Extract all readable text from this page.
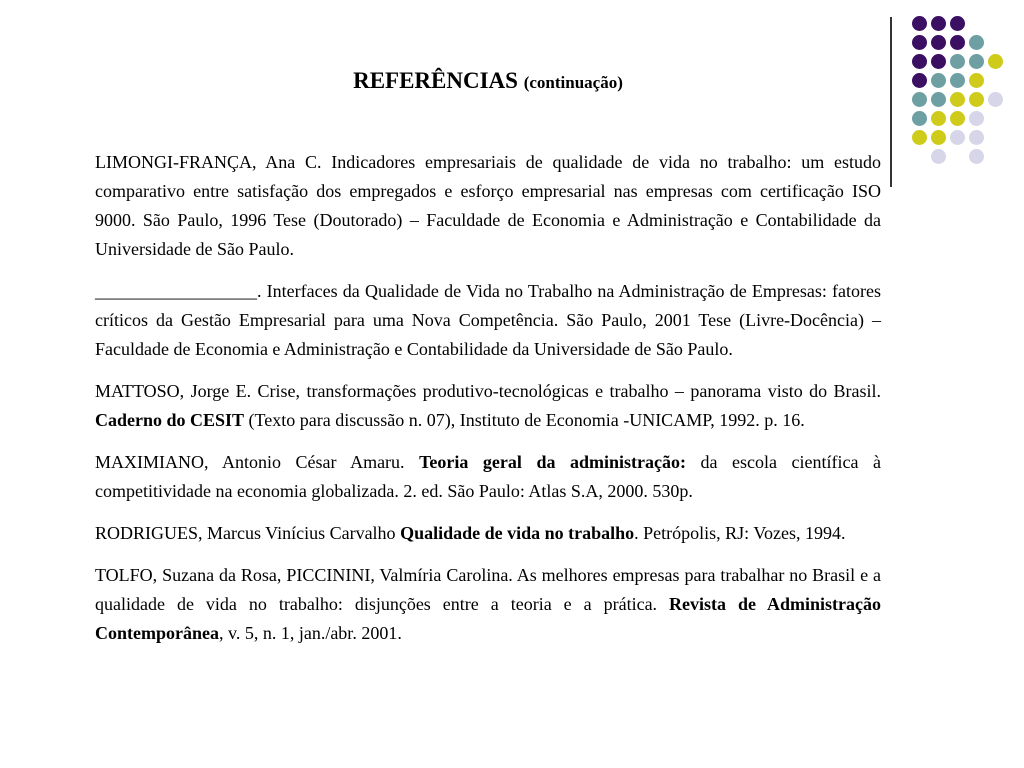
REFERÊNCIAS (continuação)

LIMONGI-FRANÇA, Ana C. Indicadores empresariais de qualidade de vida no trabalho: um estudo comparativo entre satisfação dos empregados e esforço empresarial nas empresas com certificação ISO 9000. São Paulo, 1996 Tese (Doutorado) – Faculdade de Economia e Administração e Contabilidade da Universidade de São Paulo.

__________________. Interfaces da Qualidade de Vida no Trabalho na Administração de Empresas: fatores críticos da Gestão Empresarial para uma Nova Competência. São Paulo, 2001 Tese (Livre-Docência) – Faculdade de Economia e Administração e Contabilidade da Universidade de São Paulo.

MATTOSO, Jorge E. Crise, transformações produtivo-tecnológicas e trabalho – panorama visto do Brasil. Caderno do CESIT (Texto para discussão n. 07), Instituto de Economia -UNICAMP, 1992. p. 16.

MAXIMIANO, Antonio César Amaru. Teoria geral da administração: da escola científica à competitividade na economia globalizada. 2. ed. São Paulo: Atlas S.A, 2000. 530p.

RODRIGUES, Marcus Vinícius Carvalho Qualidade de vida no trabalho. Petrópolis, RJ: Vozes, 1994.

TOLFO, Suzana da Rosa, PICCININI, Valmíria Carolina. As melhores empresas para trabalhar no Brasil e a qualidade de vida no trabalho: disjunções entre a teoria e a prática. Revista de Administração Contemporânea, v. 5, n. 1, jan./abr. 2001.
